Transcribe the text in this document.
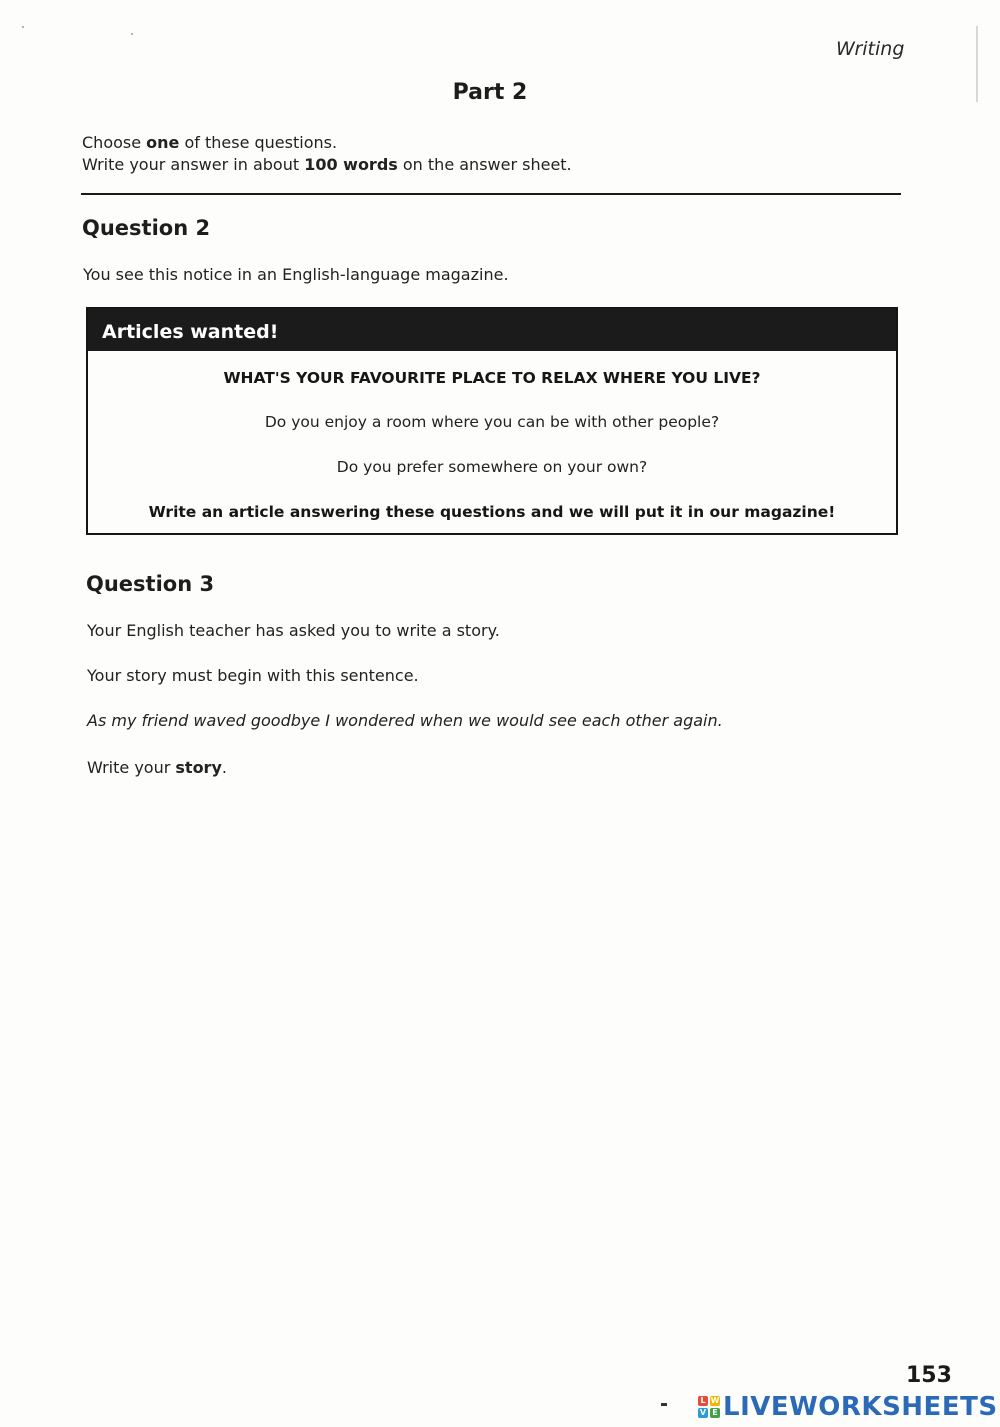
Writing
Part 2
Choose one of these questions.
Write your answer in about 100 words on the answer sheet.
Question 2
You see this notice in an English-language magazine.
Articles wanted!
WHAT'S YOUR FAVOURITE PLACE TO RELAX WHERE YOU LIVE?
Do you enjoy a room where you can be with other people?
Do you prefer somewhere on your own?
Write an article answering these questions and we will put it in our magazine!
Question 3
Your English teacher has asked you to write a story.
Your story must begin with this sentence.
As my friend waved goodbye I wondered when we would see each other again.
Write your story.
153
L W
V E LIVEWORKSHEETS
